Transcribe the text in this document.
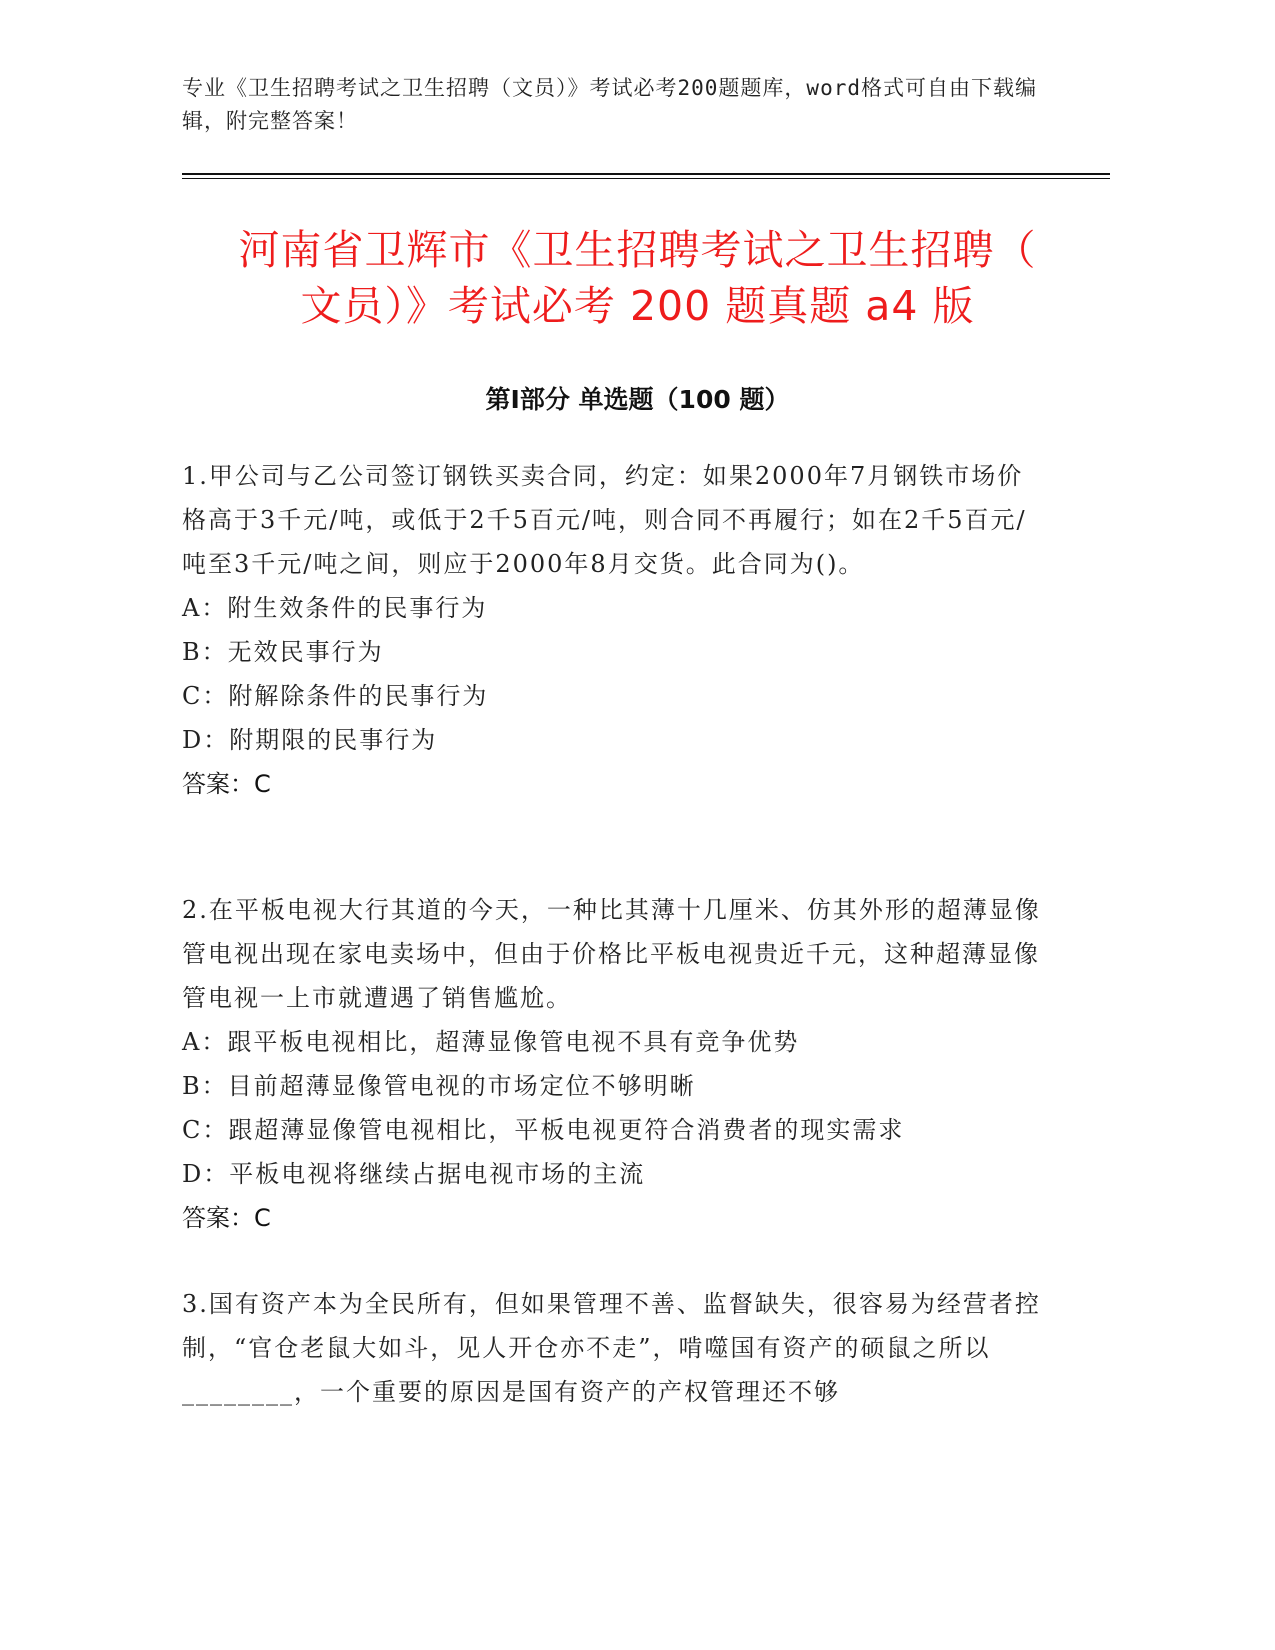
专业《卫生招聘考试之卫生招聘（文员）》考试必考200题题库，word格式可自由下载编辑，附完整答案！
河南省卫辉市《卫生招聘考试之卫生招聘（
文员）》考试必考 200 题真题 a4 版
第Ⅰ部分 单选题（100 题）

1.甲公司与乙公司签订钢铁买卖合同，约定：如果2000年7月钢铁市场价格高于3千元/吨，或低于2千5百元/吨，则合同不再履行；如在2千5百元/吨至3千元/吨之间，则应于2000年8月交货。此合同为()。

A：附生效条件的民事行为

B：无效民事行为

C：附解除条件的民事行为

D：附期限的民事行为

答案：C

2.在平板电视大行其道的今天，一种比其薄十几厘米、仿其外形的超薄显像管电视出现在家电卖场中，但由于价格比平板电视贵近千元，这种超薄显像管电视一上市就遭遇了销售尴尬。

A：跟平板电视相比，超薄显像管电视不具有竞争优势

B：目前超薄显像管电视的市场定位不够明晰

C：跟超薄显像管电视相比，平板电视更符合消费者的现实需求

D：平板电视将继续占据电视市场的主流

答案：C

3.国有资产本为全民所有，但如果管理不善、监督缺失，很容易为经营者控制，“官仓老鼠大如斗，见人开仓亦不走”，啃噬国有资产的硕鼠之所以________，一个重要的原因是国有资产的产权管理还不够
